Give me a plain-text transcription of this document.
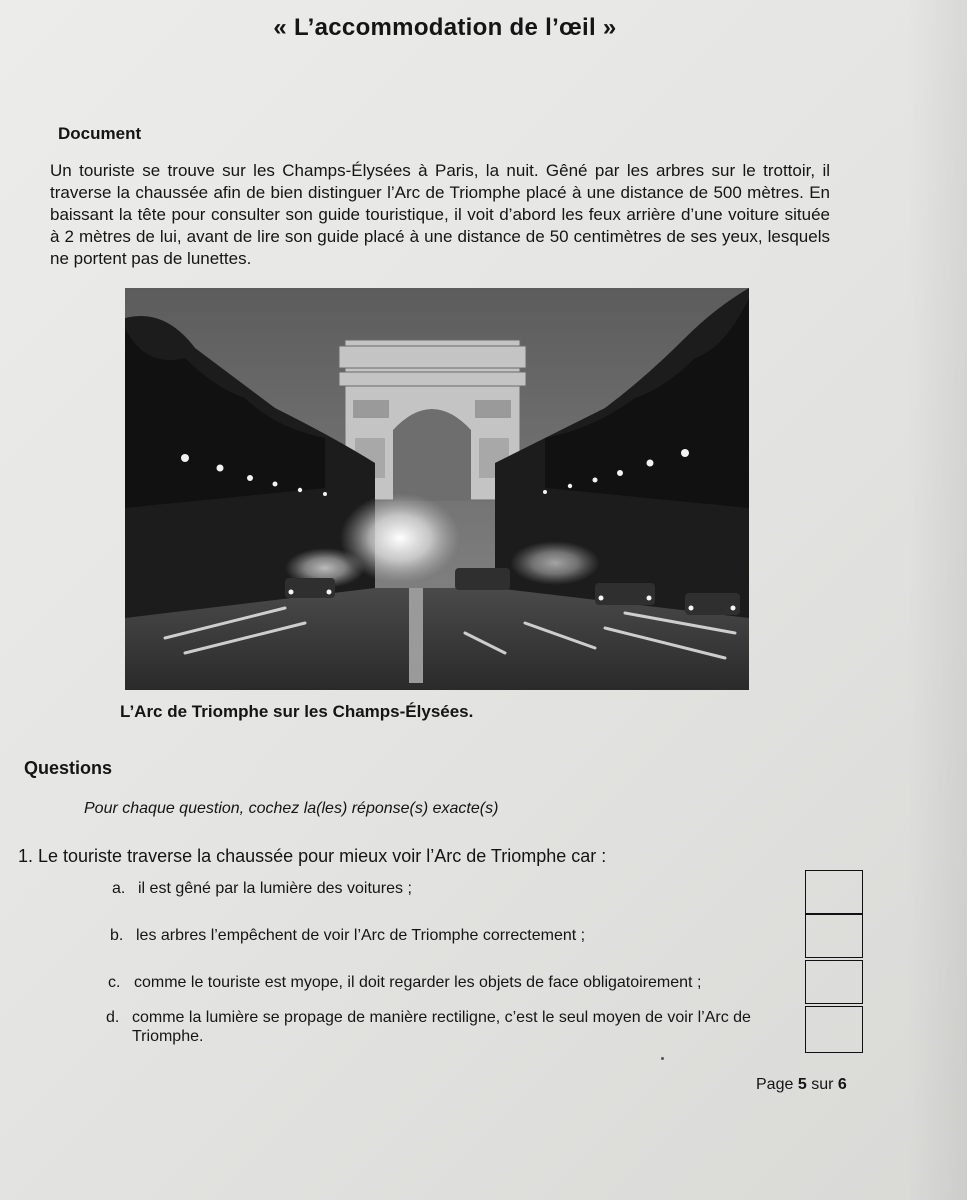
« L’accommodation de l’œil »
Document
Un touriste se trouve sur les Champs-Élysées à Paris, la nuit. Gêné par les arbres sur le trottoir, il traverse la chaussée afin de bien distinguer l’Arc de Triomphe placé à une distance de 500 mètres. En baissant la tête pour consulter son guide touristique, il voit d’abord les feux arrière d’une voiture située à 2 mètres de lui, avant de lire son guide placé à une distance de 50 centimètres de ses yeux, lesquels ne portent pas de lunettes.
L’Arc de Triomphe sur les Champs-Élysées.
Questions
Pour chaque question, cochez la(les) réponse(s) exacte(s)
1. Le touriste traverse la chaussée pour mieux voir l’Arc de Triomphe car :
a. il est gêné par la lumière des voitures ;
b. les arbres l’empêchent de voir l’Arc de Triomphe correctement ;
c. comme le touriste est myope, il doit regarder les objets de face obligatoirement ;
d. comme la lumière se propage de manière rectiligne, c’est le seul moyen de voir l’Arc de Triomphe.
Page 5 sur 6
